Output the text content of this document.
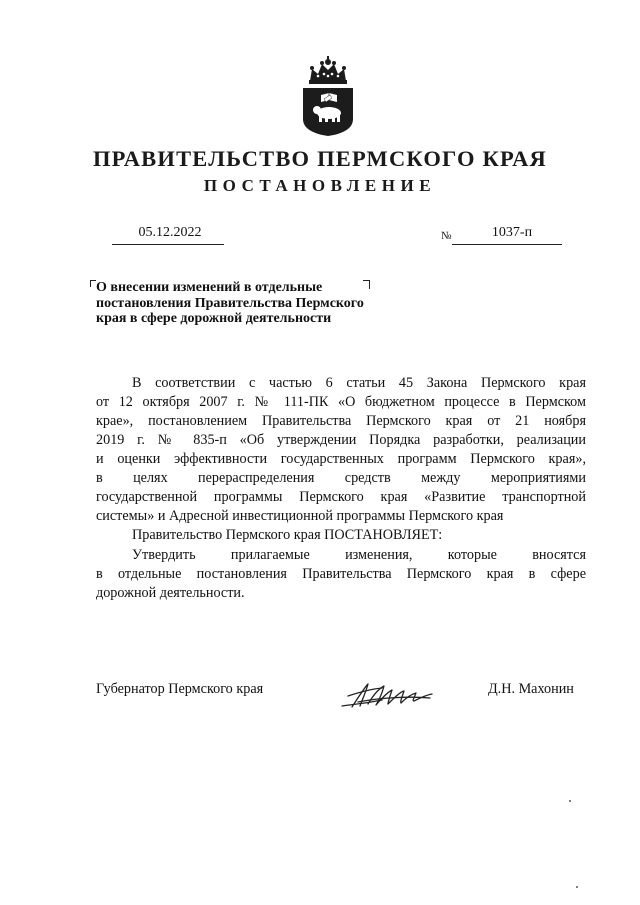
ПРАВИТЕЛЬСТВО ПЕРМСКОГО КРАЯ
ПОСТАНОВЛЕНИЕ
05.12.2022	№	1037-п
О внесении изменений в отдельные
постановления Правительства Пермского
края в сфере дорожной деятельности
В соответствии с частью 6 статьи 45 Закона Пермского края
от 12 октября 2007 г. № 111-ПК «О бюджетном процессе в Пермском
крае», постановлением Правительства Пермского края от 21 ноября
2019 г. № 835-п «Об утверждении Порядка разработки, реализации
и оценки эффективности государственных программ Пермского края»,
в целях перераспределения средств между мероприятиями
государственной программы Пермского края «Развитие транспортной
системы» и Адресной инвестиционной программы Пермского края
Правительство Пермского края ПОСТАНОВЛЯЕТ:
Утвердить прилагаемые изменения, которые вносятся
в отдельные постановления Правительства Пермского края в сфере
дорожной деятельности.
Губернатор Пермского края	Д.Н. Махонин
